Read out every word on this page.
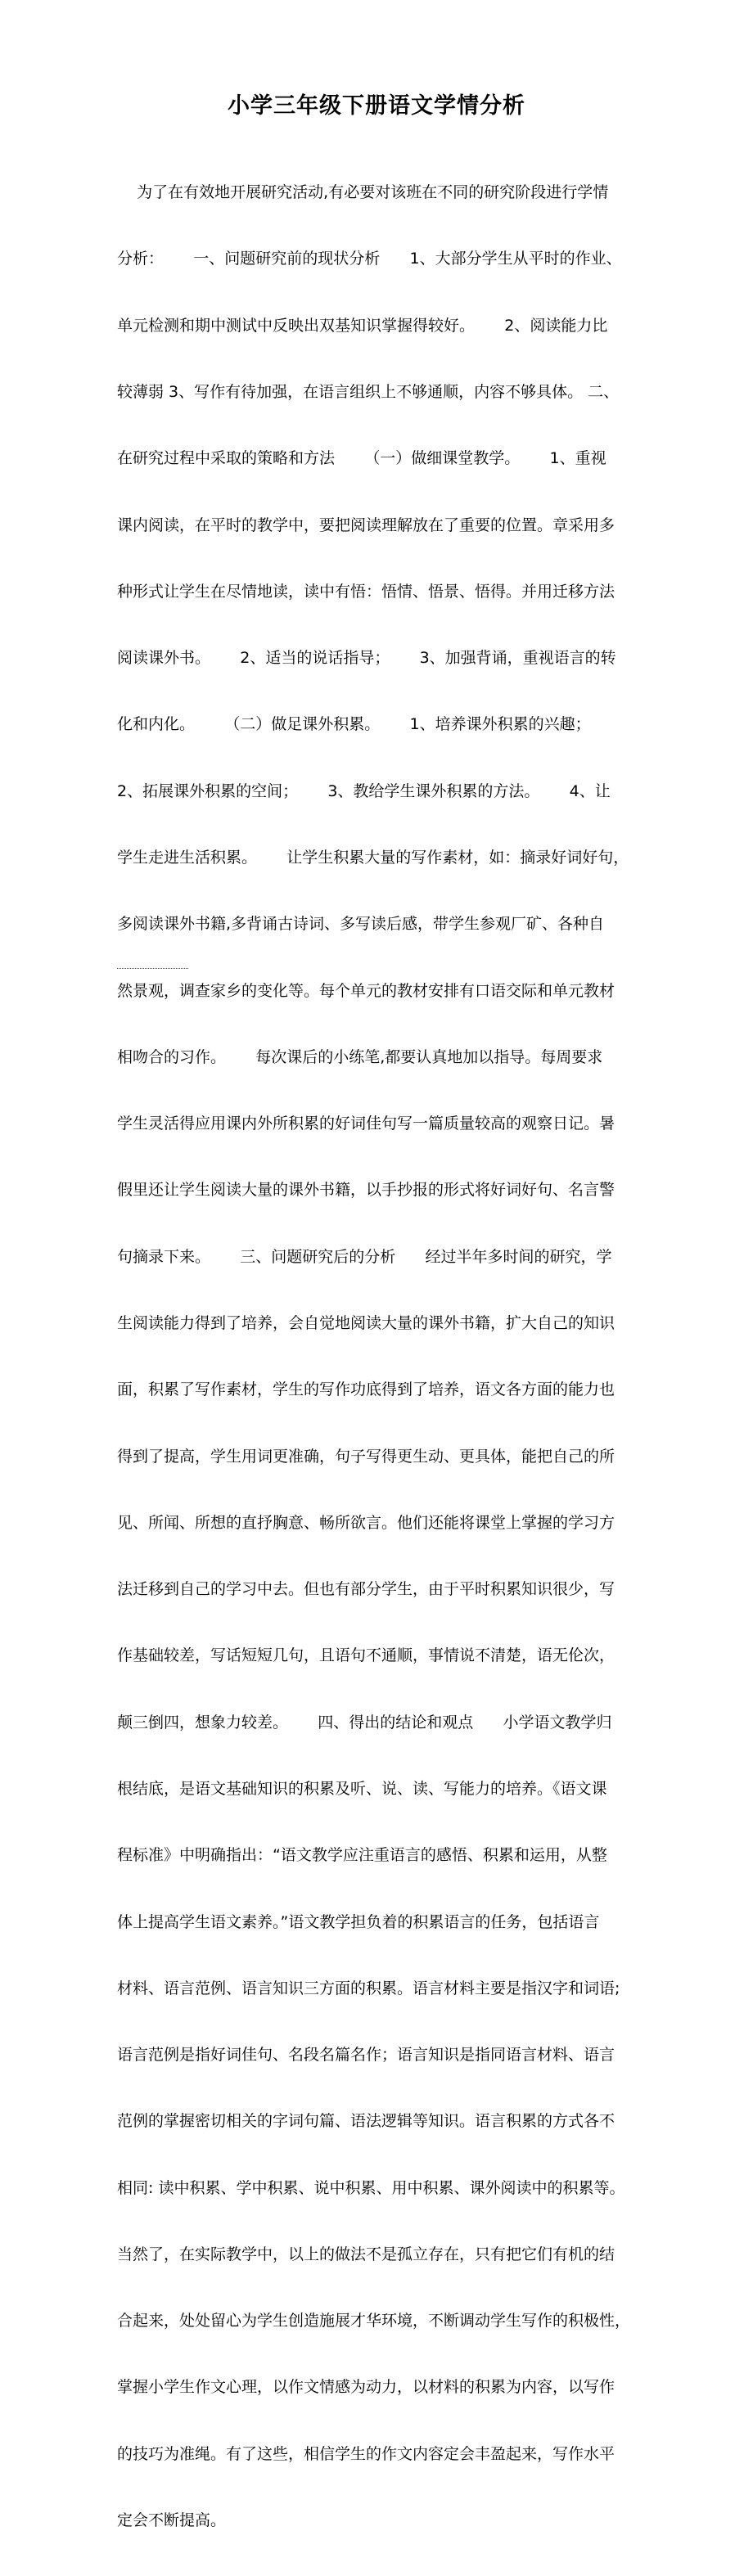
小学三年级下册语文学情分析

为了在有效地开展研究活动,有必要对该班在不同的研究阶段进行学情

分析：      一、问题研究前的现状分析      1、大部分学生从平时的作业、

单元检测和期中测试中反映出双基知识掌握得较好。      2、阅读能力比

较薄弱 3、写作有待加强，在语言组织上不够通顺，内容不够具体。 二、

在研究过程中采取的策略和方法      （一）做细课堂教学。      1、重视

课内阅读，在平时的教学中，要把阅读理解放在了重要的位置。章采用多

种形式让学生在尽情地读，读中有悟：悟情、悟景、悟得。并用迁移方法

阅读课外书。      2、适当的说话指导；      3、加强背诵，重视语言的转

化和内化。      （二）做足课外积累。      1、培养课外积累的兴趣；

2、拓展课外积累的空间；      3、教给学生课外积累的方法。      4、让

学生走进生活积累。      让学生积累大量的写作素材，如：摘录好词好句，

多阅读课外书籍,多背诵古诗词、多写读后感，带学生参观厂矿、各种自

然景观，调查家乡的变化等。每个单元的教材安排有口语交际和单元教材

相吻合的习作。      每次课后的小练笔,都要认真地加以指导。每周要求

学生灵活得应用课内外所积累的好词佳句写一篇质量较高的观察日记。暑

假里还让学生阅读大量的课外书籍，以手抄报的形式将好词好句、名言警

句摘录下来。      三、问题研究后的分析      经过半年多时间的研究，学

生阅读能力得到了培养，会自觉地阅读大量的课外书籍，扩大自己的知识

面，积累了写作素材，学生的写作功底得到了培养，语文各方面的能力也

得到了提高，学生用词更准确，句子写得更生动、更具体，能把自己的所

见、所闻、所想的直抒胸意、畅所欲言。他们还能将课堂上掌握的学习方

法迁移到自己的学习中去。但也有部分学生，由于平时积累知识很少，写

作基础较差，写话短短几句，且语句不通顺，事情说不清楚，语无伦次，

颠三倒四，想象力较差。      四、得出的结论和观点      小学语文教学归

根结底，是语文基础知识的积累及听、说、读、写能力的培养。《语文课

程标准》中明确指出：“语文教学应注重语言的感悟、积累和运用，从整

体上提高学生语文素养。”语文教学担负着的积累语言的任务，包括语言

材料、语言范例、语言知识三方面的积累。语言材料主要是指汉字和词语;

语言范例是指好词佳句、名段名篇名作；语言知识是指同语言材料、语言

范例的掌握密切相关的字词句篇、语法逻辑等知识。语言积累的方式各不

相同: 读中积累、学中积累、说中积累、用中积累、课外阅读中的积累等。

当然了，在实际教学中，以上的做法不是孤立存在，只有把它们有机的结

合起来，处处留心为学生创造施展才华环境，不断调动学生写作的积极性，

掌握小学生作文心理，以作文情感为动力，以材料的积累为内容，以写作

的技巧为准绳。有了这些，相信学生的作文内容定会丰盈起来，写作水平

定会不断提高。
